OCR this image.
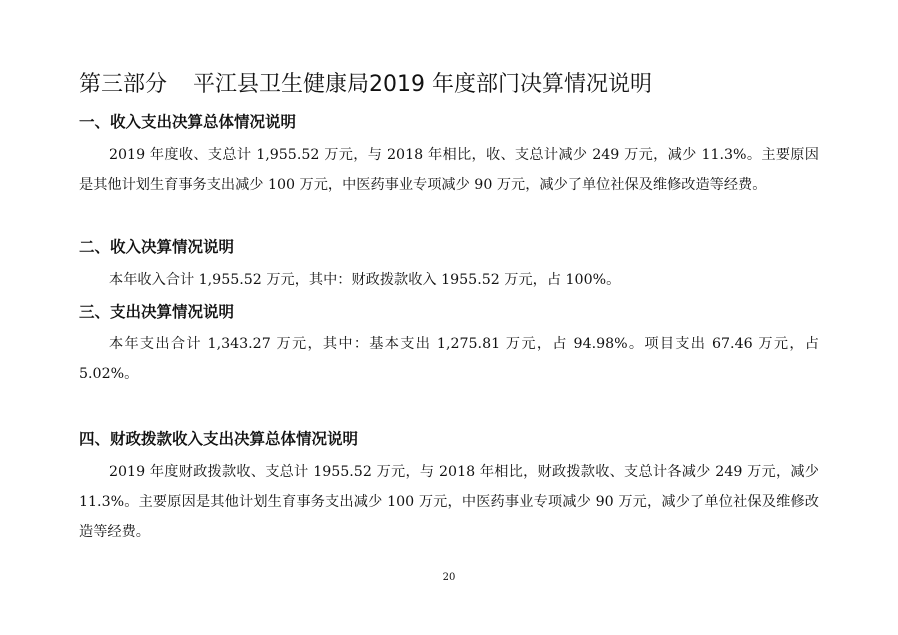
第三部分 平江县卫生健康局2019 年度部门决算情况说明
一、收入支出决算总体情况说明

2019 年度收、支总计 1,955.52 万元，与 2018 年相比，收、支总计减少 249 万元，减少 11.3%。主要原因是其他计划生育事务支出减少 100 万元，中医药事业专项减少 90 万元，减少了单位社保及维修改造等经费。

二、收入决算情况说明

本年收入合计 1,955.52 万元，其中：财政拨款收入 1955.52 万元，占 100%。

三、支出决算情况说明

本年支出合计 1,343.27 万元，其中：基本支出 1,275.81 万元，占 94.98%。项目支出 67.46 万元，占 5.02%。

四、财政拨款收入支出决算总体情况说明

2019 年度财政拨款收、支总计 1955.52 万元，与 2018 年相比，财政拨款收、支总计各减少 249 万元，减少 11.3%。主要原因是其他计划生育事务支出减少 100 万元，中医药事业专项减少 90 万元，减少了单位社保及维修改造等经费。

20
